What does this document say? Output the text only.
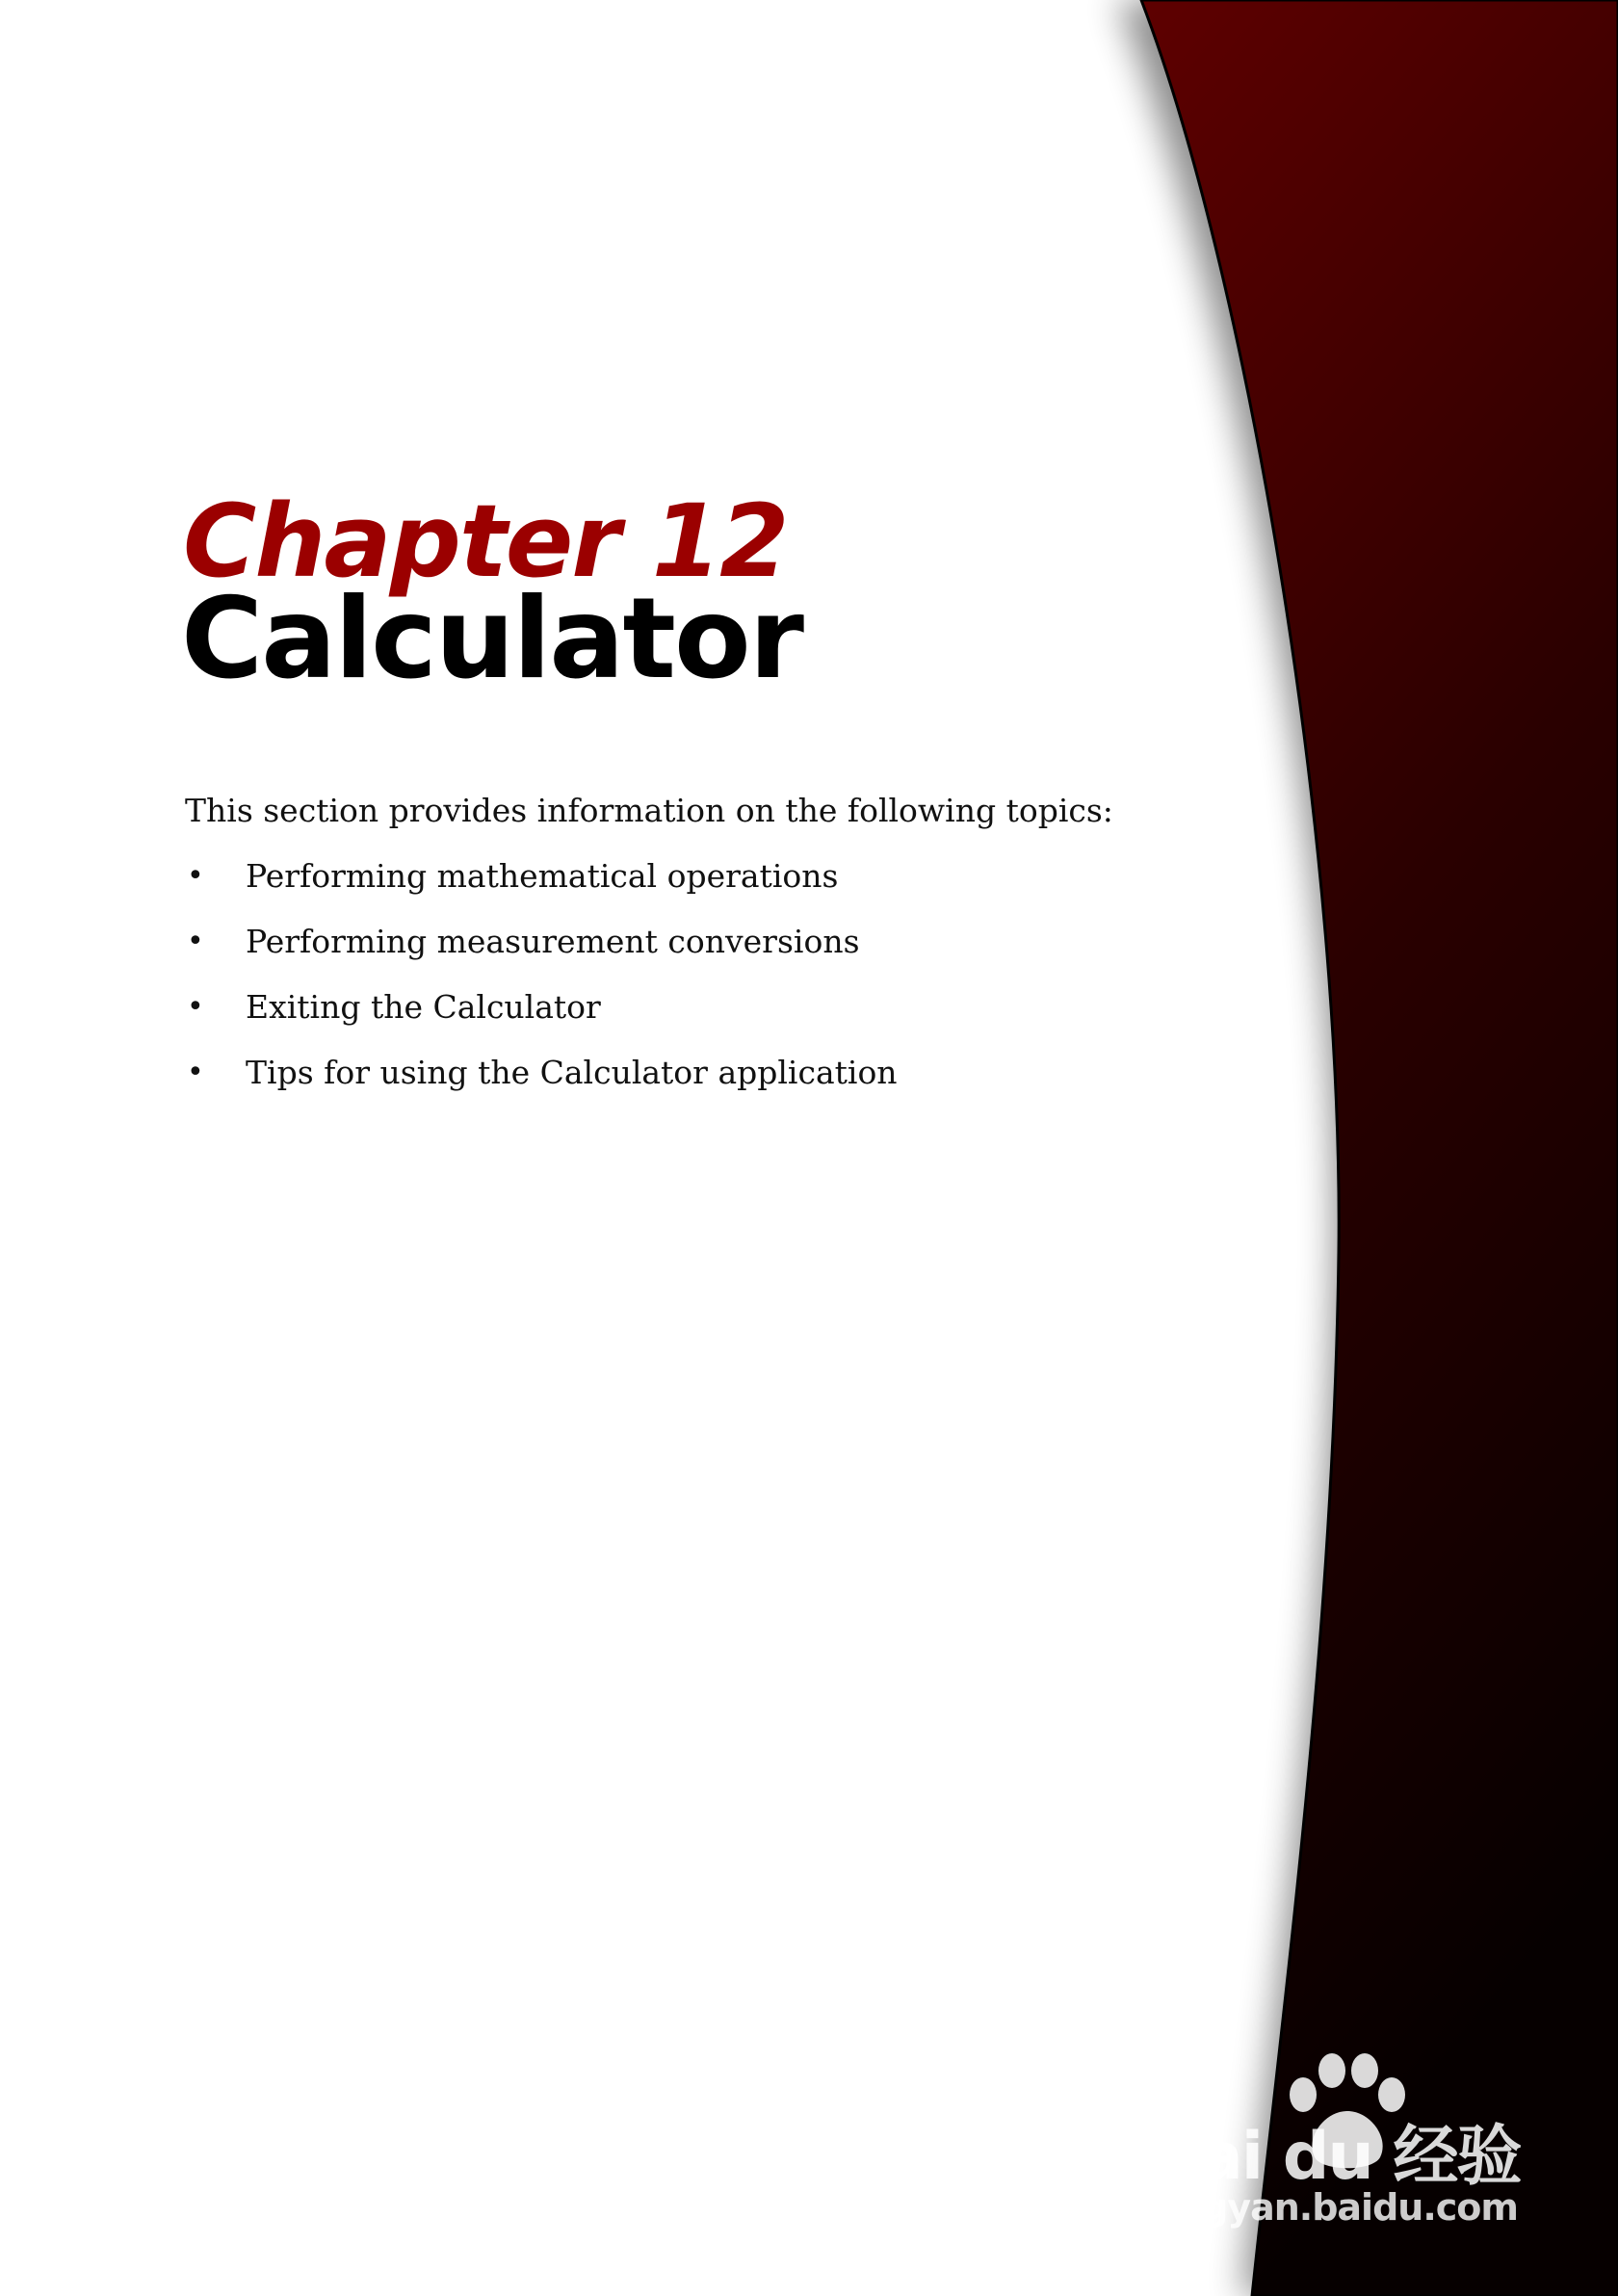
Chapter 12
Calculator

This section provides information on the following topics:

• Performing mathematical operations
• Performing measurement conversions
• Exiting the Calculator
• Tips for using the Calculator application
Bai du 经验
jingyan.baidu.com
